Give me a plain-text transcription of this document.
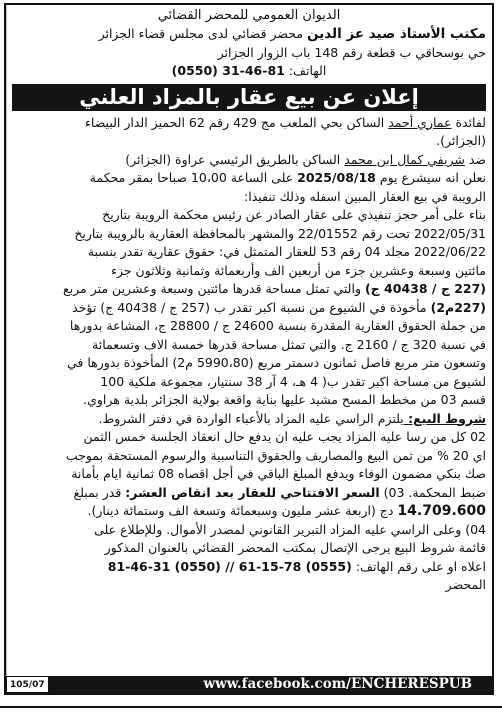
الديوان العمومي للمحضر القضائي

مكتب الأستاذ صيد عز الدين محضر قضائي لدى مجلس قضاء الجزائر

حي بوسحاقي ب قطعة رقم 148 باب الزوار الجزائر

الهاتف: 81-46-31 (0550)

إعلان عن بيع عقار بالمزاد العلني

لفائدة عماري أحمد الساكن بحي الملعب مج 429 رقم 62 الحميز الدار البيضاء

(الجزائر).

ضد شريفي كمال ابن محمد الساكن بالطريق الرئيسي عراوة (الجزائر)

نعلن انه سيشرع يوم 2025/08/18 على الساعة 10،00 صباحا بمقر محكمة

الرويبة في بيع العقار المبين اسفله وذلك تنفيذا:

بناء على أمر حجز تنفيذي على عقار الصادر عن رئيس محكمة الرويبة بتاريخ

2022/05/31 تحت رقم 22/01552 والمشهر بالمحافظة العقارية بالرويبة بتاريخ

2022/06/22 مجلد 04 رقم 53 للعقار المتمثل في: حقوق عقارية تقدر بنسبة

مائتين وسبعة وعشرين جزء من أربعين الف وأربعمائة وثمانية وثلاثون جزء

(227 ج / 40438 ج) والتي تمثل مساحة قدرها مائتين وسبعة وعشرين متر مربع

(227م2) مأخوذة في الشيوع من نسبة اكبر تقدر ب (257 ج / 40438 ج) تؤخذ

من جملة الحقوق العقارية المقدرة بنسبة 24600 ج / 28800 ج، المشاعة بدورها

في نسبة 320 ج / 2160 ج. والتي تمثل مساحة قدرها خمسة الاف وتسعمائة

وتسعون متر مربع فاصل ثمانون دسمتر مربع (5990،80 م2) المأخوذة بدورها في

لشيوع من مساحة اكبر تقدر ب( 4 هـ، 4 آر 38 سنتيار، مجموعة ملكية 100

قسم 03 من مخطط المسح مشيد عليها بناية واقعة بولاية الجزائر بلدية هراوي.

شروط البيع: يلتزم الراسي عليه المزاد بالأعباء الواردة في دفتر الشروط.

02 كل من رسا عليه المزاد يجب عليه ان يدفع حال انعقاد الجلسة خمس الثمن

اي 20 % من ثمن البيع والمصاريف والحقوق التناسبية والرسوم المستحقة بموجب

صك بنكي مضمون الوفاء ويدفع المبلغ الباقي في أجل اقصاه 08 ثمانية ايام بأمانة

ضبط المحكمة. 03) السعر الافتتاحي للعقار بعد انقاص العشر: قدر بمبلغ

14.709.600 دج (اربعة عشر مليون وسبعمائة وتسعة الف وستمائة دينار).

04) وعلى الراسي عليه المزاد التبرير القانوني لمصدر الأموال. وللإطلاع على

قائمة شروط البيع يرجى الإتصال بمكتب المحضر القضائي بالعنوان المذكور

اعلاه او على رقم الهاتف: 81-46-31 (0550) // 61-15-78 (0555)

المحضر

www.facebook.com/ENCHERESPUB
105/07
